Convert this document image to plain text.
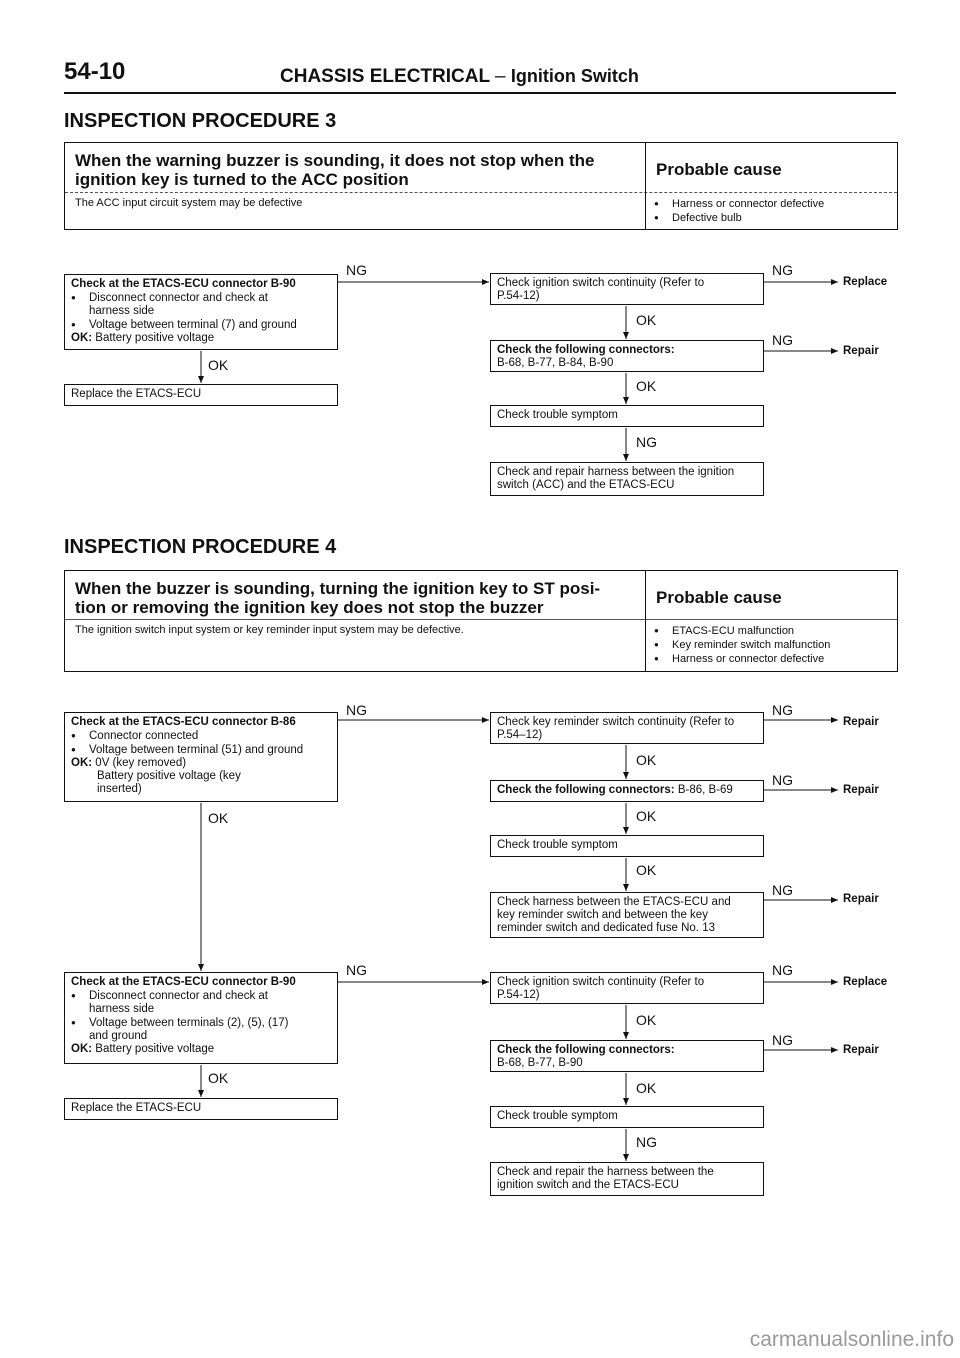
54-10	CHASSIS ELECTRICAL – Ignition Switch
INSPECTION PROCEDURE 3
When the warning buzzer is sounding, it does not stop when the
ignition key is turned to the ACC position
Probable cause
The ACC input circuit system may be defective	● Harness or connector defective
● Defective bulb
Check at the ETACS-ECU connector B-90
● Disconnect connector and check at
harness side
● Voltage between terminal (7) and ground
OK: Battery positive voltage
Replace the ETACS-ECU
Check ignition switch continuity (Refer to
P.54-12)
Check the following connectors:
B-68, B-77, B-84, B-90
Check trouble symptom
Check and repair harness between the ignition
switch (ACC) and the ETACS-ECU
Replace
Repair
NG	NG
NG
OK
OK
OK
NG
INSPECTION PROCEDURE 4
When the buzzer is sounding, turning the ignition key to ST posi-
tion or removing the ignition key does not stop the buzzer
Probable cause
The ignition switch input system or key reminder input system may be defective.	● ETACS-ECU malfunction
● Key reminder switch malfunction
● Harness or connector defective
Check at the ETACS-ECU connector B-86
● Connector connected
● Voltage between terminal (51) and ground
OK: 0V (key removed)
Battery positive voltage (key
inserted)
Check key reminder switch continuity (Refer to
P.54–12)
Check the following connectors: B-86, B-69
Check trouble symptom
Check harness between the ETACS-ECU and
key reminder switch and between the key
reminder switch and dedicated fuse No. 13
Check at the ETACS-ECU connector B-90
● Disconnect connector and check at
harness side
● Voltage between terminals (2), (5), (17)
and ground
OK: Battery positive voltage
Replace the ETACS-ECU
Check ignition switch continuity (Refer to
P.54-12)
Check the following connectors:
B-68, B-77, B-90
Check trouble symptom
Check and repair the harness between the
ignition switch and the ETACS-ECU
Repair
Repair
Repair
Replace
Repair
NG	NG
NG
NG
NG	NG
NG
OK
OK
OK
OK
OK
OK
OK
NG
carmanualsonline.info
